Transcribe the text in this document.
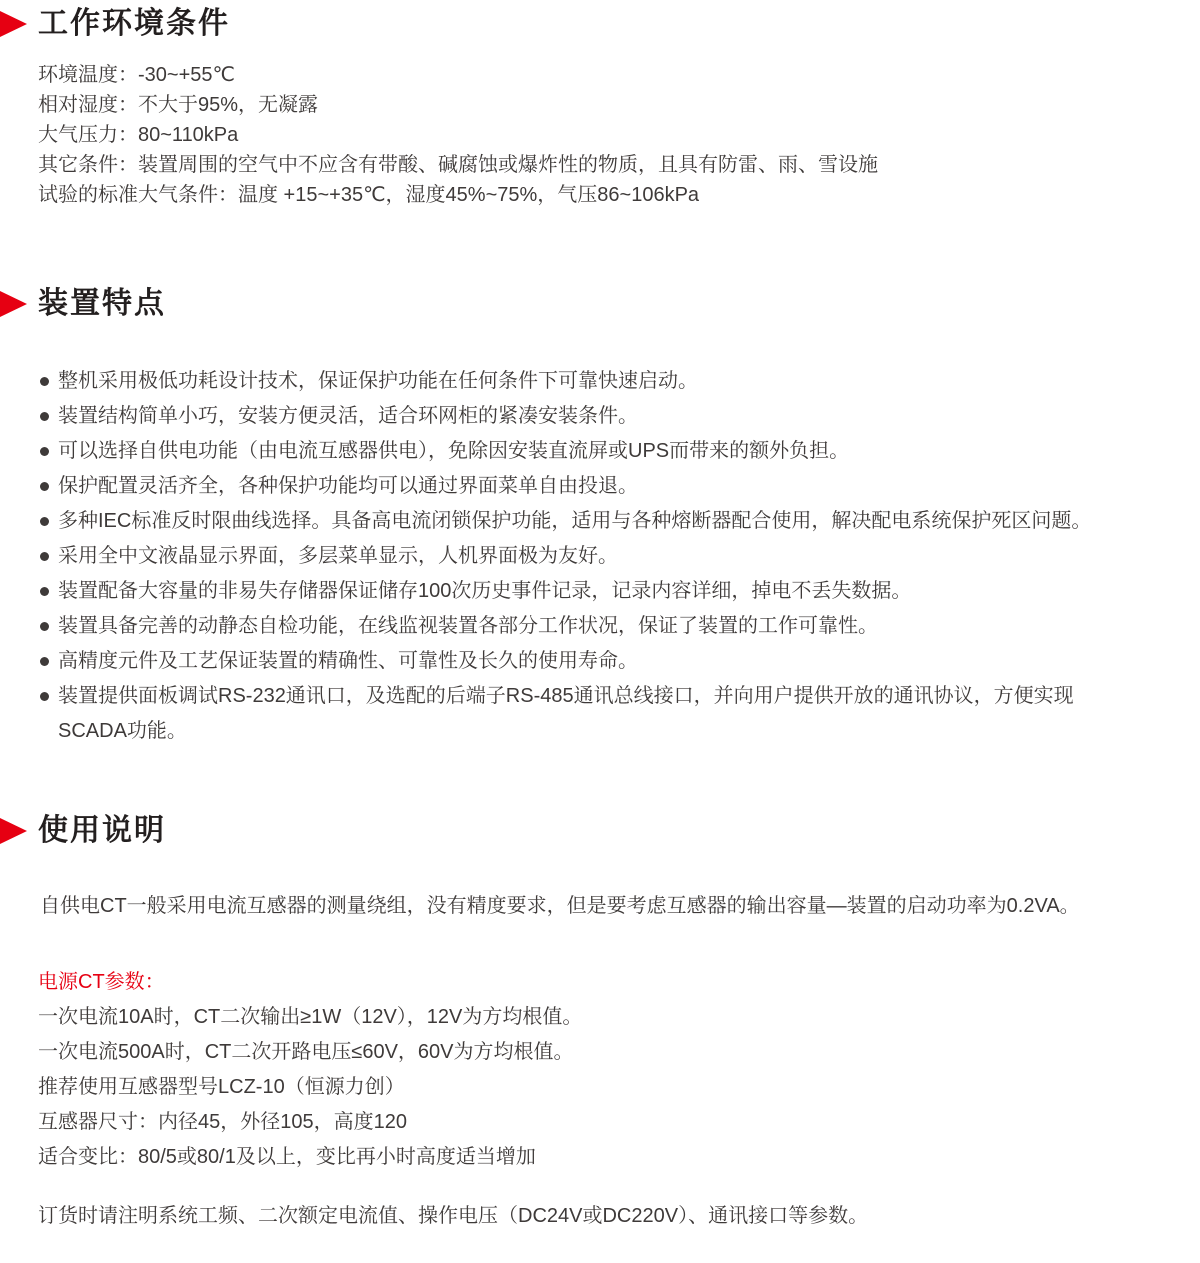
工作环境条件

环境温度：-30~+55℃

相对湿度：不大于95%，无凝露

大气压力：80~110kPa

其它条件：装置周围的空气中不应含有带酸、碱腐蚀或爆炸性的物质，且具有防雷、雨、雪设施

试验的标准大气条件：温度 +15~+35℃，湿度45%~75%，气压86~106kPa

装置特点
整机采用极低功耗设计技术，保证保护功能在任何条件下可靠快速启动。
装置结构简单小巧，安装方便灵活，适合环网柜的紧凑安装条件。
可以选择自供电功能（由电流互感器供电），免除因安装直流屏或UPS而带来的额外负担。
保护配置灵活齐全，各种保护功能均可以通过界面菜单自由投退。
多种IEC标准反时限曲线选择。具备高电流闭锁保护功能，适用与各种熔断器配合使用，解决配电系统保护死区问题。
采用全中文液晶显示界面，多层菜单显示，人机界面极为友好。
装置配备大容量的非易失存储器保证储存100次历史事件记录，记录内容详细，掉电不丢失数据。
装置具备完善的动静态自检功能，在线监视装置各部分工作状况，保证了装置的工作可靠性。
高精度元件及工艺保证装置的精确性、可靠性及长久的使用寿命。
装置提供面板调试RS-232通讯口，及选配的后端子RS-485通讯总线接口，并向用户提供开放的通讯协议，方便实现SCADA功能。
使用说明

自供电CT一般采用电流互感器的测量绕组，没有精度要求，但是要考虑互感器的输出容量—装置的启动功率为0.2VA。

电源CT参数：

一次电流10A时，CT二次输出≥1W（12V），12V为方均根值。

一次电流500A时，CT二次开路电压≤60V，60V为方均根值。

推荐使用互感器型号LCZ-10（恒源力创）

互感器尺寸：内径45，外径105，高度120

适合变比：80/5或80/1及以上，变比再小时高度适当增加

订货时请注明系统工频、二次额定电流值、操作电压（DC24V或DC220V）、通讯接口等参数。
